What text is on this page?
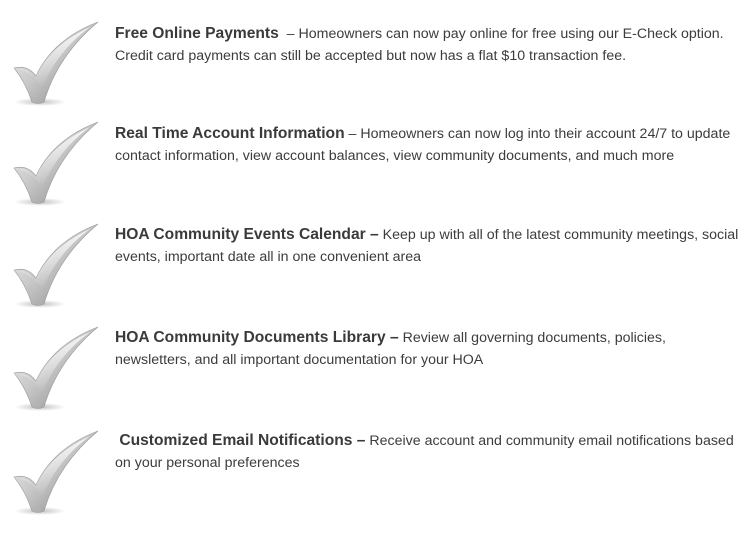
Free Online Payments  – Homeowners can now pay online for free using our E-Check option. Credit card payments can still be accepted but now has a flat $10 transaction fee.
Real Time Account Information – Homeowners can now log into their account 24/7 to update contact information, view account balances, view community documents, and much more
HOA Community Events Calendar – Keep up with all of the latest community meetings, social events, important date all in one convenient area
HOA Community Documents Library – Review all governing documents, policies, newsletters, and all important documentation for your HOA
Customized Email Notifications – Receive account and community email notifications based on your personal preferences
